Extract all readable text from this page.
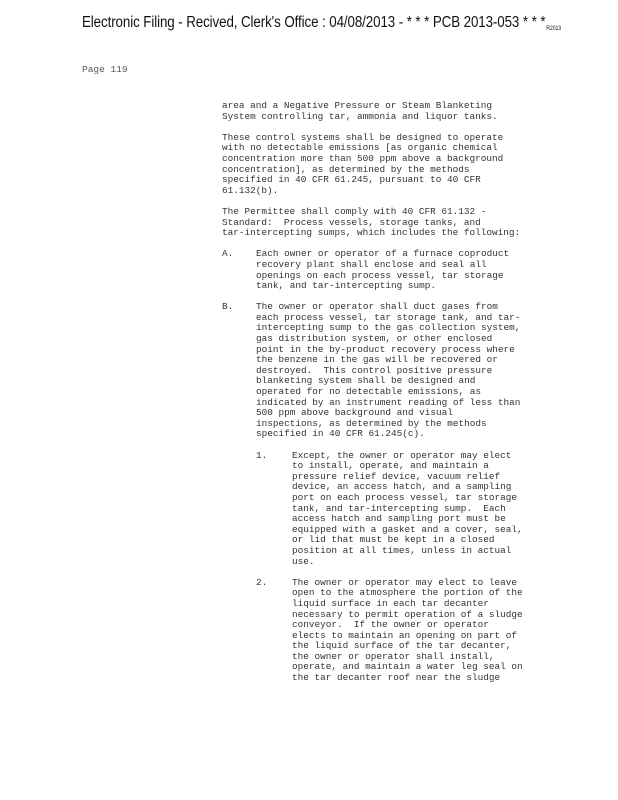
Electronic Filing - Recived, Clerk's Office : 04/08/2013 - * * * PCB 2013-053 * * *R2013
Page 119
area and a Negative Pressure or Steam Blanketing
System controlling tar, ammonia and liquor tanks.
These control systems shall be designed to operate
with no detectable emissions [as organic chemical
concentration more than 500 ppm above a background
concentration], as determined by the methods
specified in 40 CFR 61.245, pursuant to 40 CFR
61.132(b).
The Permittee shall comply with 40 CFR 61.132 -
Standard:  Process vessels, storage tanks, and
tar-intercepting sumps, which includes the following:
A.	Each owner or operator of a furnace coproduct
recovery plant shall enclose and seal all
openings on each process vessel, tar storage
tank, and tar-intercepting sump.
B.	The owner or operator shall duct gases from
each process vessel, tar storage tank, and tar-
intercepting sump to the gas collection system,
gas distribution system, or other enclosed
point in the by-product recovery process where
the benzene in the gas will be recovered or
destroyed.  This control positive pressure
blanketing system shall be designed and
operated for no detectable emissions, as
indicated by an instrument reading of less than
500 ppm above background and visual
inspections, as determined by the methods
specified in 40 CFR 61.245(c).
1.	Except, the owner or operator may elect
to install, operate, and maintain a
pressure relief device, vacuum relief
device, an access hatch, and a sampling
port on each process vessel, tar storage
tank, and tar-intercepting sump.  Each
access hatch and sampling port must be
equipped with a gasket and a cover, seal,
or lid that must be kept in a closed
position at all times, unless in actual
use.
2.	The owner or operator may elect to leave
open to the atmosphere the portion of the
liquid surface in each tar decanter
necessary to permit operation of a sludge
conveyor.  If the owner or operator
elects to maintain an opening on part of
the liquid surface of the tar decanter,
the owner or operator shall install,
operate, and maintain a water leg seal on
the tar decanter roof near the sludge
